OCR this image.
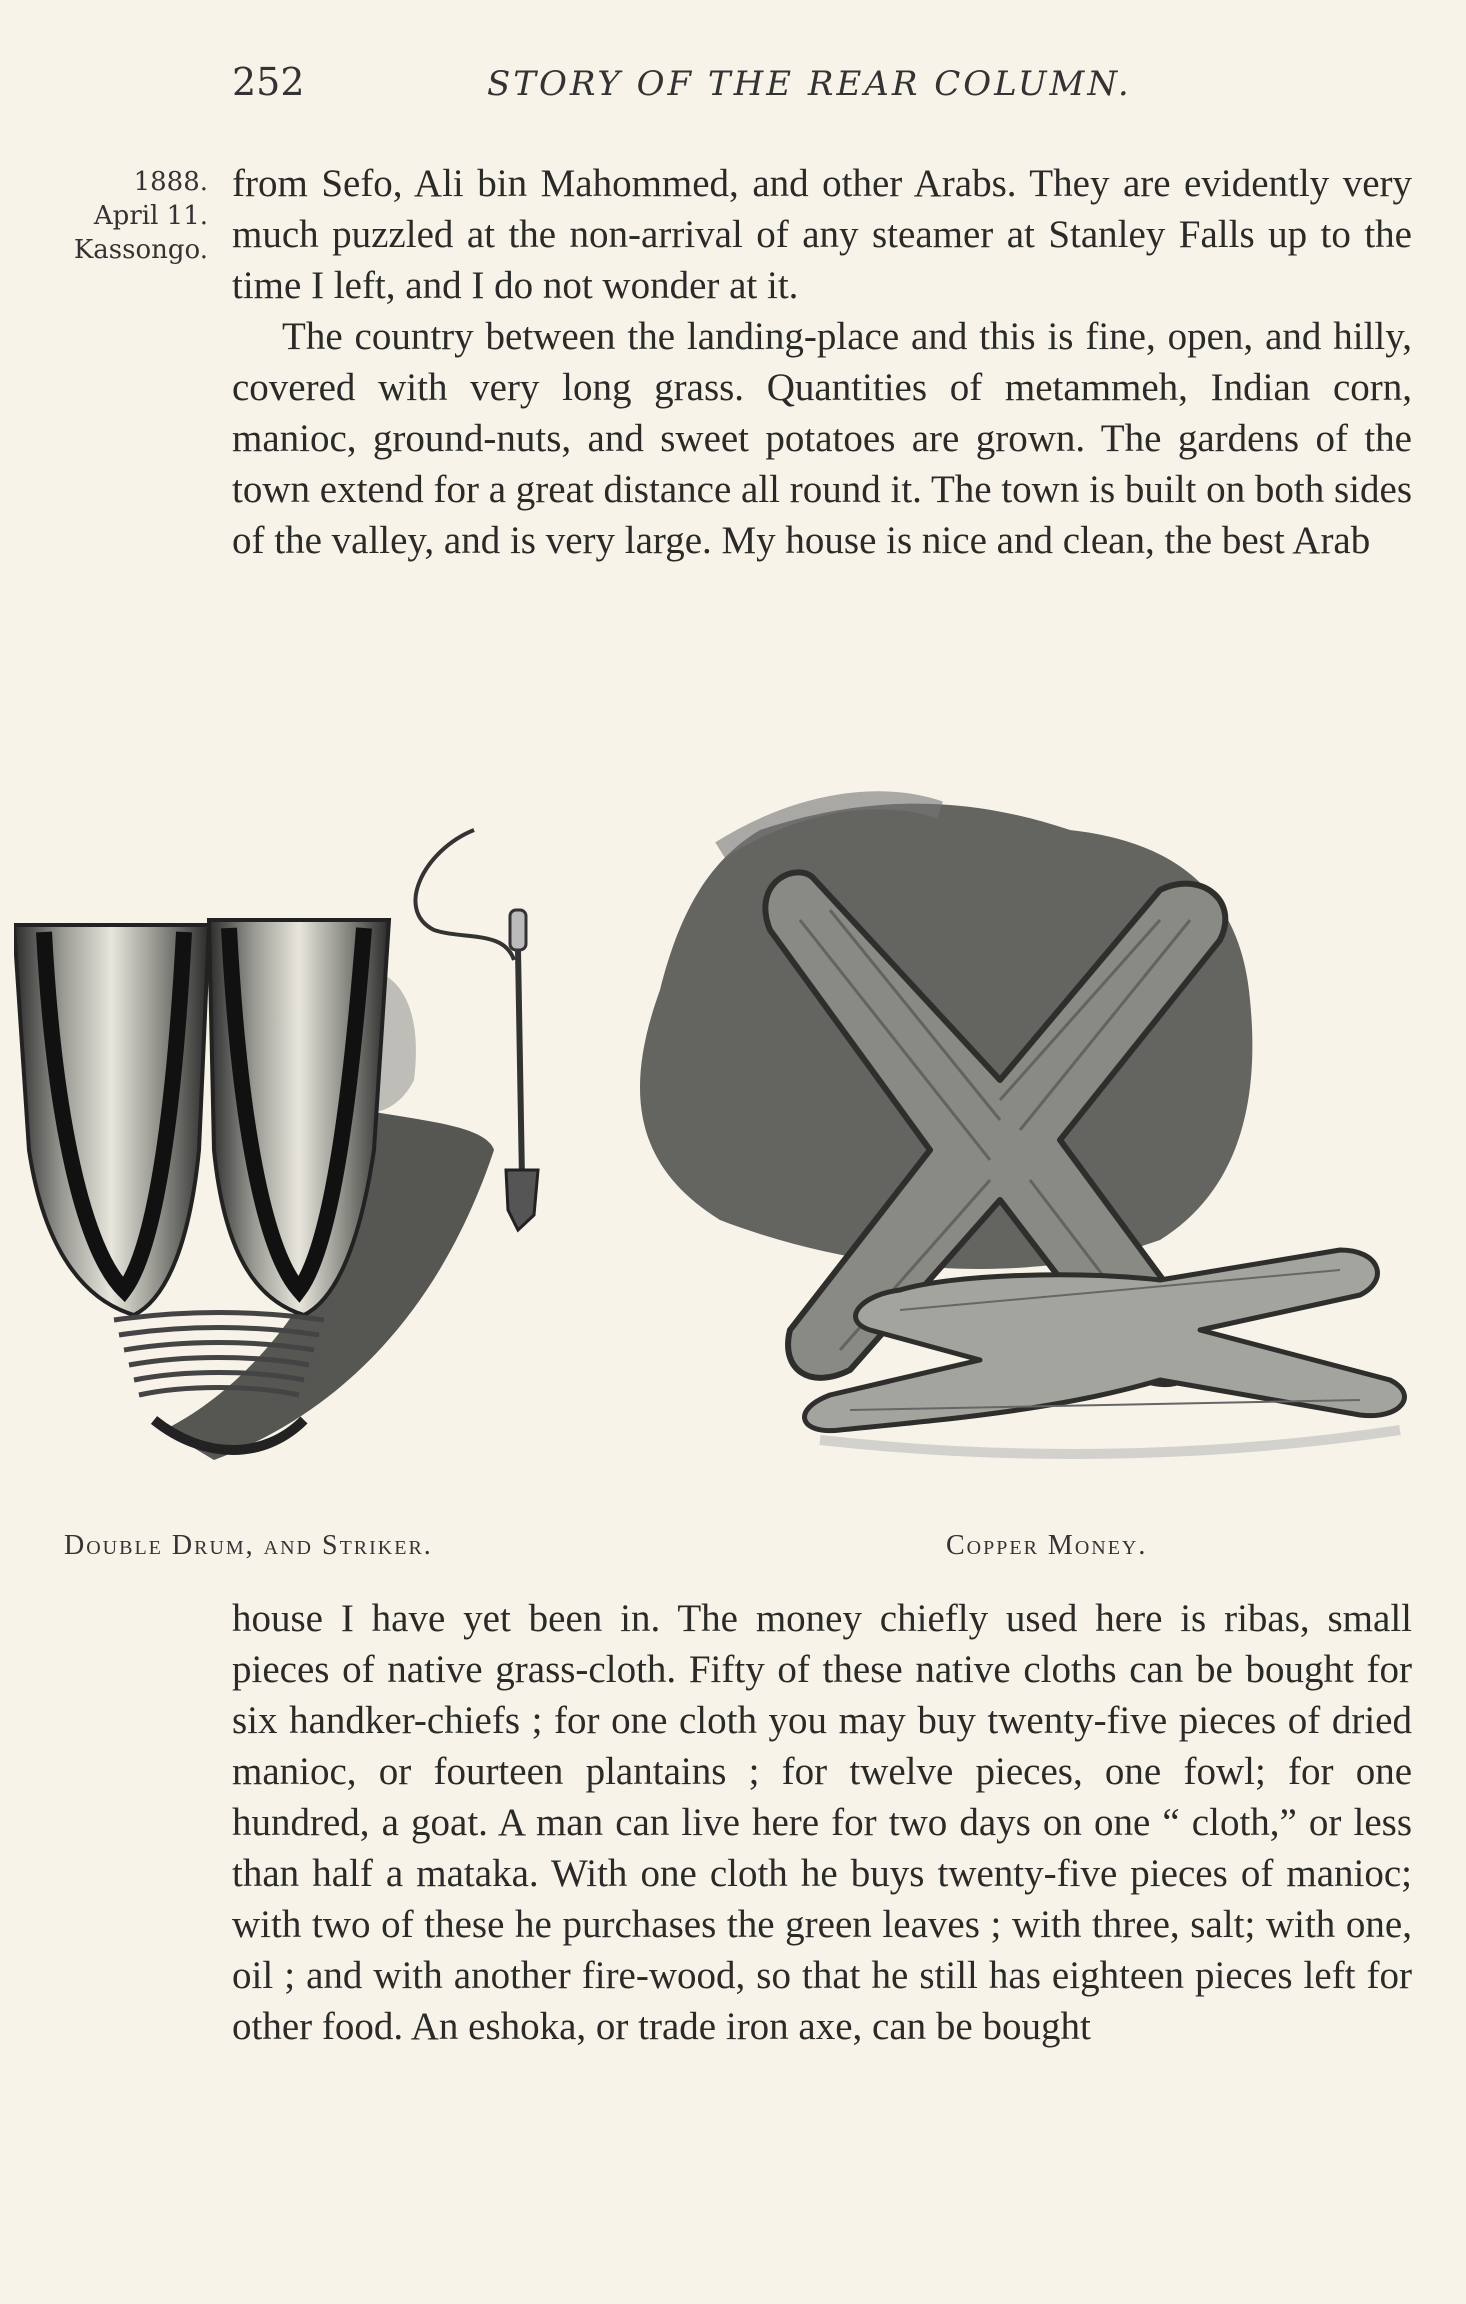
252	STORY OF THE REAR COLUMN.
1888.
April 11.
Kassongo.

from Sefo, Ali bin Mahommed, and other Arabs. They are evidently very much puzzled at the non-arrival of any steamer at Stanley Falls up to the time I left, and I do not wonder at it.

The country between the landing-place and this is fine, open, and hilly, covered with very long grass. Quantities of metammeh, Indian corn, manioc, ground-nuts, and sweet potatoes are grown. The gardens of the town extend for a great distance all round it. The town is built on both sides of the valley, and is very large. My house is nice and clean, the best Arab

Double Drum, and Striker.	Copper Money.

house I have yet been in. The money chiefly used here is ribas, small pieces of native grass-cloth. Fifty of these native cloths can be bought for six handker-chiefs ; for one cloth you may buy twenty-five pieces of dried manioc, or fourteen plantains ; for twelve pieces, one fowl; for one hundred, a goat. A man can live here for two days on one “ cloth,” or less than half a mataka. With one cloth he buys twenty-five pieces of manioc; with two of these he purchases the green leaves ; with three, salt; with one, oil ; and with another fire-wood, so that he still has eighteen pieces left for other food. An eshoka, or trade iron axe, can be bought
